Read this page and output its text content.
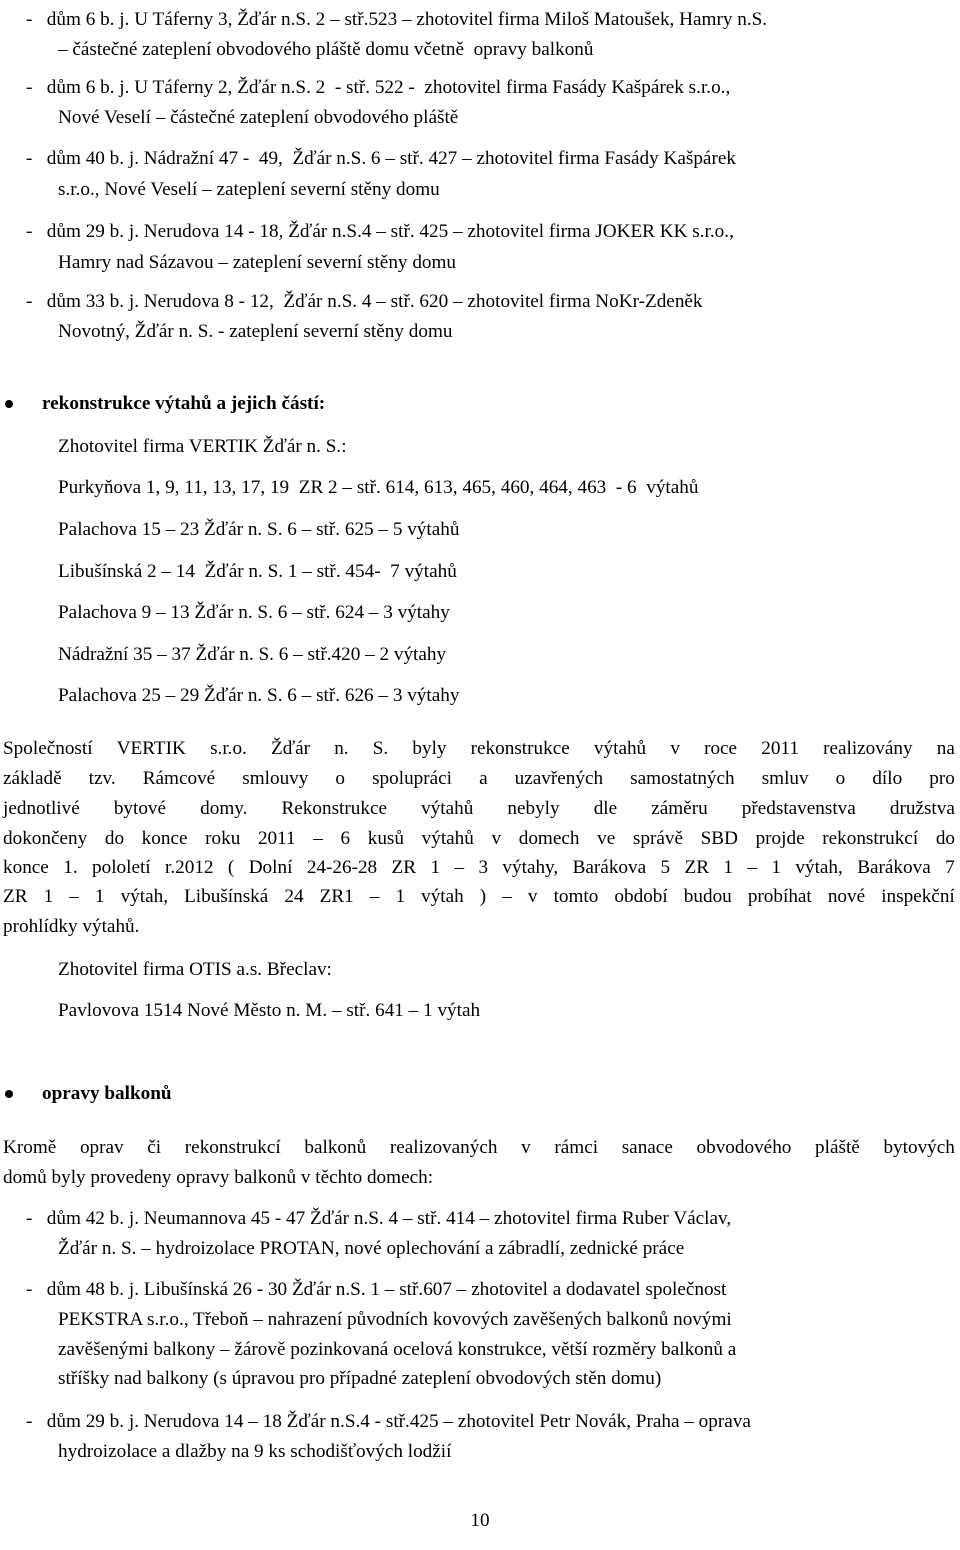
-   dům 6 b. j. U Táferny 3, Žďár n.S. 2 – stř.523 – zhotovitel firma Miloš Matoušek, Hamry n.S.
– částečné zateplení obvodového pláště domu včetně  opravy balkonů
-   dům 6 b. j. U Táferny 2, Žďár n.S. 2  - stř. 522 -  zhotovitel firma Fasády Kašpárek s.r.o.,
Nové Veselí – částečné zateplení obvodového pláště
-   dům 40 b. j. Nádražní 47 -  49,  Žďár n.S. 6 – stř. 427 – zhotovitel firma Fasády Kašpárek
s.r.o., Nové Veselí – zateplení severní stěny domu
-   dům 29 b. j. Nerudova 14 - 18, Žďár n.S.4 – stř. 425 – zhotovitel firma JOKER KK s.r.o.,
Hamry nad Sázavou – zateplení severní stěny domu
-   dům 33 b. j. Nerudova 8 - 12,  Žďár n.S. 4 – stř. 620 – zhotovitel firma NoKr-Zdeněk
Novotný, Žďár n. S. - zateplení severní stěny domu
rekonstrukce výtahů a jejich částí:
Zhotovitel firma VERTIK Žďár n. S.:
Purkyňova 1, 9, 11, 13, 17, 19  ZR 2 – stř. 614, 613, 465, 460, 464, 463  - 6  výtahů
Palachova 15 – 23 Žďár n. S. 6 – stř. 625 – 5 výtahů
Libušínská 2 – 14  Žďár n. S. 1 – stř. 454-  7 výtahů
Palachova 9 – 13 Žďár n. S. 6 – stř. 624 – 3 výtahy
Nádražní 35 – 37 Žďár n. S. 6 – stř.420 – 2 výtahy
Palachova 25 – 29 Žďár n. S. 6 – stř. 626 – 3 výtahy
Společností VERTIK s.r.o. Žďár n. S. byly rekonstrukce výtahů v roce 2011 realizovány na
základě tzv. Rámcové smlouvy o spolupráci a uzavřených samostatných smluv o dílo pro
jednotlivé bytové domy. Rekonstrukce výtahů nebyly dle záměru představenstva družstva
dokončeny do konce roku 2011 – 6 kusů výtahů v domech ve správě SBD projde rekonstrukcí do
konce 1. pololetí r.2012 ( Dolní 24-26-28 ZR 1 – 3 výtahy, Barákova 5 ZR 1 – 1 výtah, Barákova 7
ZR 1 – 1 výtah, Libušínská 24 ZR1 – 1 výtah ) – v tomto období budou probíhat nové inspekční
prohlídky výtahů.
Zhotovitel firma OTIS a.s. Břeclav:
Pavlovova 1514 Nové Město n. M. – stř. 641 – 1 výtah
opravy balkonů
Kromě oprav či rekonstrukcí balkonů realizovaných v rámci sanace obvodového pláště bytových
domů byly provedeny opravy balkonů v těchto domech:
-   dům 42 b. j. Neumannova 45 - 47 Žďár n.S. 4 – stř. 414 – zhotovitel firma Ruber Václav,
Žďár n. S. – hydroizolace PROTAN, nové oplechování a zábradlí, zednické práce
-   dům 48 b. j. Libušínská 26 - 30 Žďár n.S. 1 – stř.607 – zhotovitel a dodavatel společnost
PEKSTRA s.r.o., Třeboň – nahrazení původních kovových zavěšených balkonů novými
zavěšenými balkony – žárově pozinkovaná ocelová konstrukce, větší rozměry balkonů a
stříšky nad balkony (s úpravou pro případné zateplení obvodových stěn domu)
-   dům 29 b. j. Nerudova 14 – 18 Žďár n.S.4 - stř.425 – zhotovitel Petr Novák, Praha – oprava
hydroizolace a dlažby na 9 ks schodišťových lodžií
10
